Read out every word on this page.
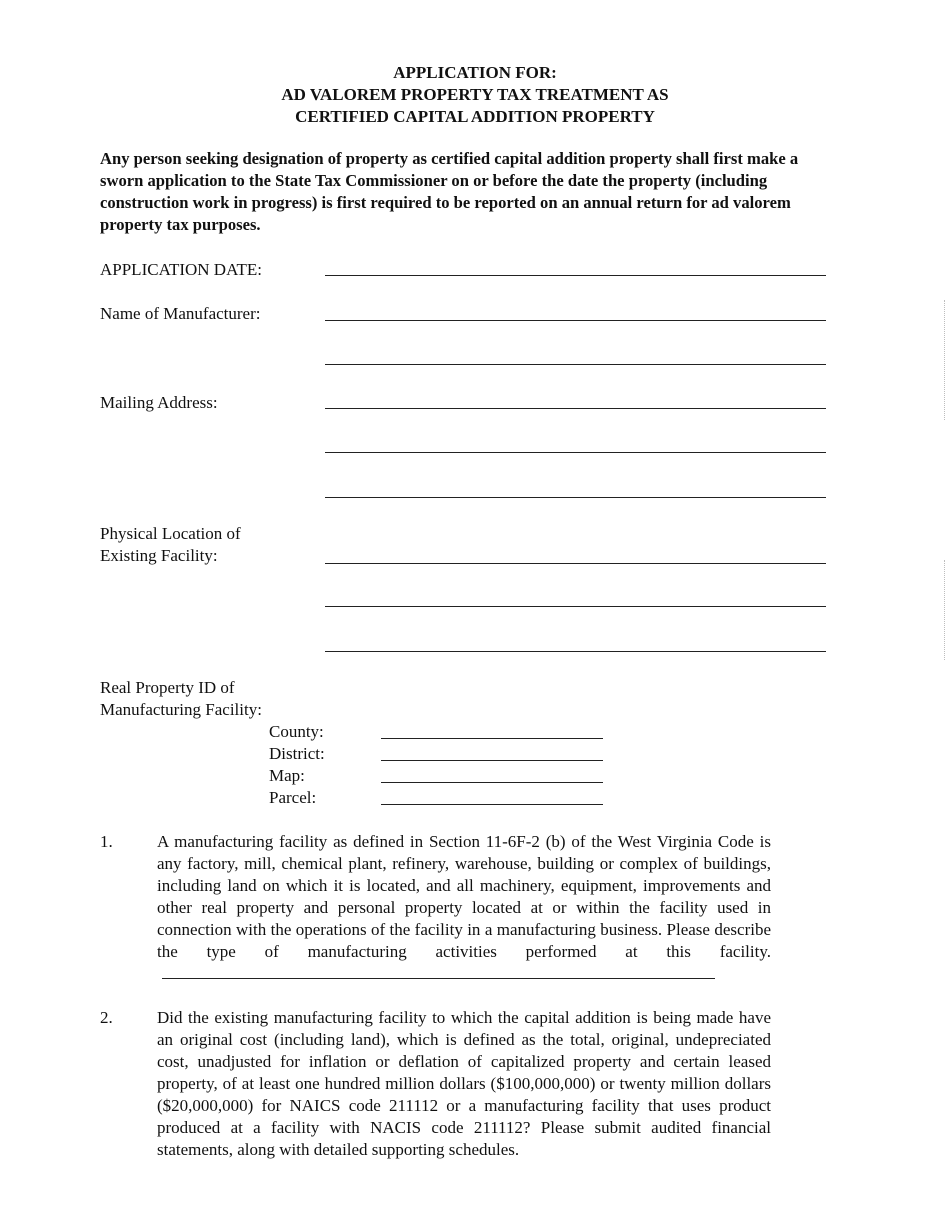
APPLICATION FOR:
AD VALOREM PROPERTY TAX TREATMENT AS
CERTIFIED CAPITAL ADDITION PROPERTY

Any person seeking designation of property as certified capital addition property shall first make a sworn application to the State Tax Commissioner on or before the date the property (including construction work in progress) is first required to be reported on an annual return for ad valorem property tax purposes.

APPLICATION DATE:
Name of Manufacturer:
Mailing Address:
Physical Location of Existing Facility:
Real Property ID of Manufacturing Facility:
County:
District:
Map:
Parcel:
1.	A manufacturing facility as defined in Section 11-6F-2 (b) of the West Virginia Code is any factory, mill, chemical plant, refinery, warehouse, building or complex of buildings, including land on which it is located, and all machinery, equipment, improvements and other real property and personal property located at or within the facility used in connection with the operations of the facility in a manufacturing business. Please describe the type of manufacturing activities performed at this facility.

2.	Did the existing manufacturing facility to which the capital addition is being made have an original cost (including land), which is defined as the total, original, undepreciated cost, unadjusted for inflation or deflation of capitalized property and certain leased property, of at least one hundred million dollars ($100,000,000) or twenty million dollars ($20,000,000) for NAICS code 211112 or a manufacturing facility that uses product produced at a facility with NACIS code 211112? Please submit audited financial statements, along with detailed supporting schedules.
